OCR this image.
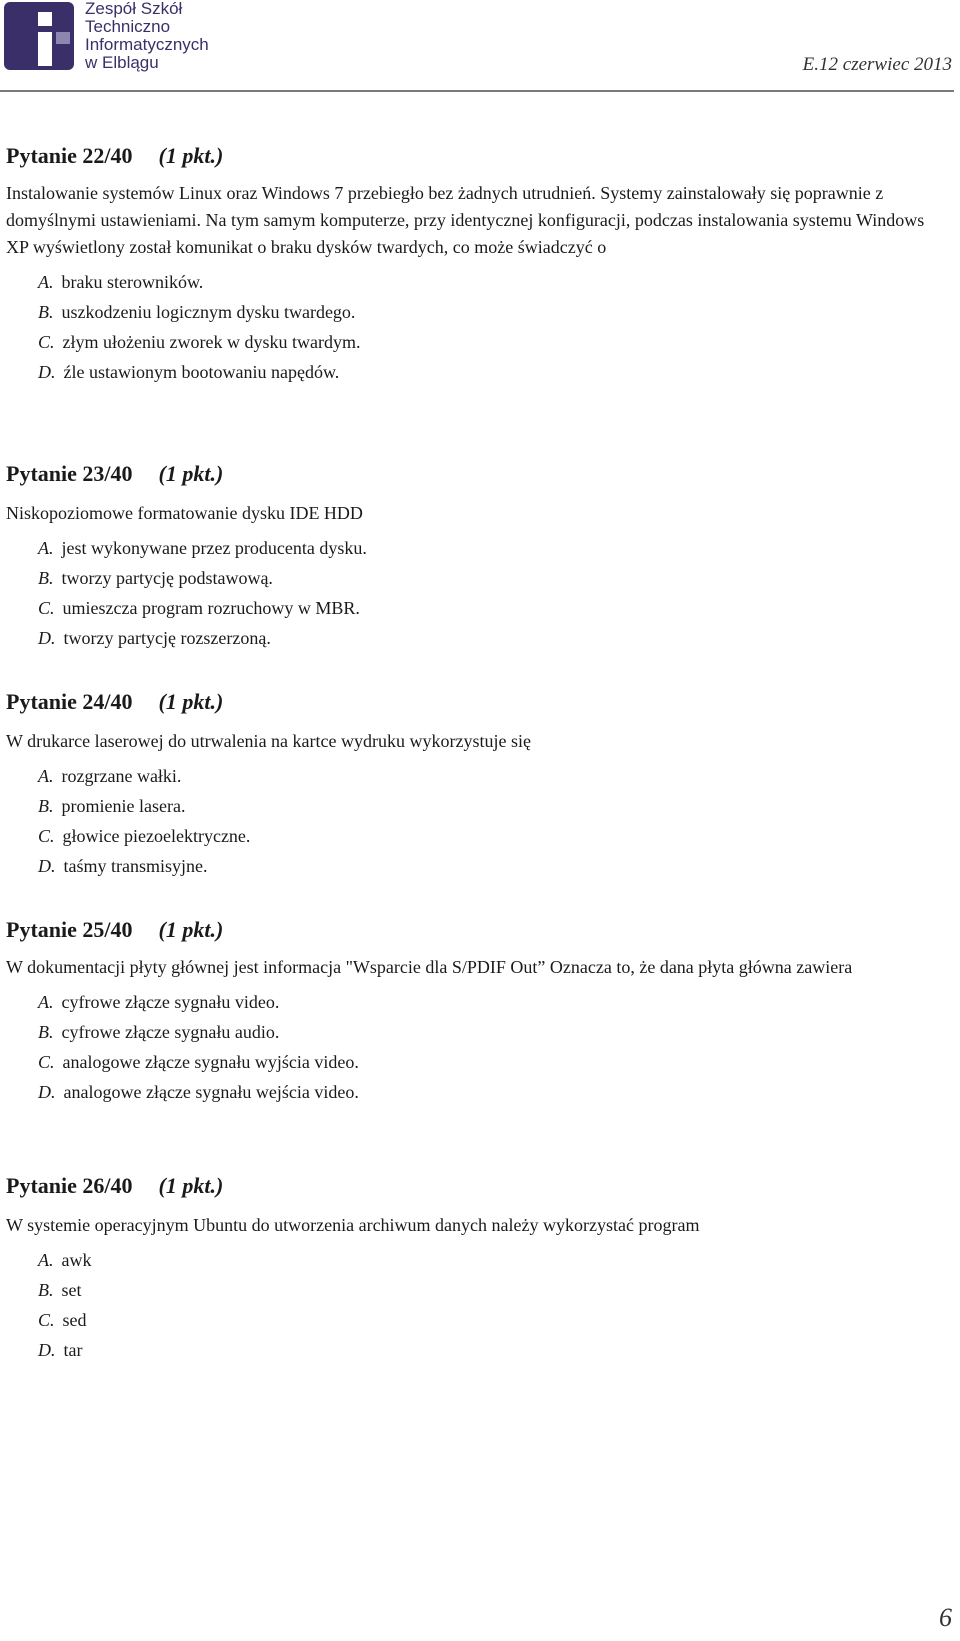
Zespół Szkół
Techniczno
Informatycznych
w Elblągu	E.12 czerwiec 2013
Pytanie 22/40 (1 pkt.)
Instalowanie systemów Linux oraz Windows 7 przebiegło bez żadnych utrudnień. Systemy zainstalowały się poprawnie z domyślnymi ustawieniami. Na tym samym komputerze, przy identycznej konfiguracji, podczas instalowania systemu Windows XP wyświetlony został komunikat o braku dysków twardych, co może świadczyć o
A. braku sterowników.
B. uszkodzeniu logicznym dysku twardego.
C. złym ułożeniu zworek w dysku twardym.
D. źle ustawionym bootowaniu napędów.
Pytanie 23/40 (1 pkt.)
Niskopoziomowe formatowanie dysku IDE HDD
A. jest wykonywane przez producenta dysku.
B. tworzy partycję podstawową.
C. umieszcza program rozruchowy w MBR.
D. tworzy partycję rozszerzoną.
Pytanie 24/40 (1 pkt.)
W drukarce laserowej do utrwalenia na kartce wydruku wykorzystuje się
A. rozgrzane wałki.
B. promienie lasera.
C. głowice piezoelektryczne.
D. taśmy transmisyjne.
Pytanie 25/40 (1 pkt.)
W dokumentacji płyty głównej jest informacja "Wsparcie dla S/PDIF Out” Oznacza to, że dana płyta główna zawiera
A. cyfrowe złącze sygnału video.
B. cyfrowe złącze sygnału audio.
C. analogowe złącze sygnału wyjścia video.
D. analogowe złącze sygnału wejścia video.
Pytanie 26/40 (1 pkt.)
W systemie operacyjnym Ubuntu do utworzenia archiwum danych należy wykorzystać program
A. awk
B. set
C. sed
D. tar
6
